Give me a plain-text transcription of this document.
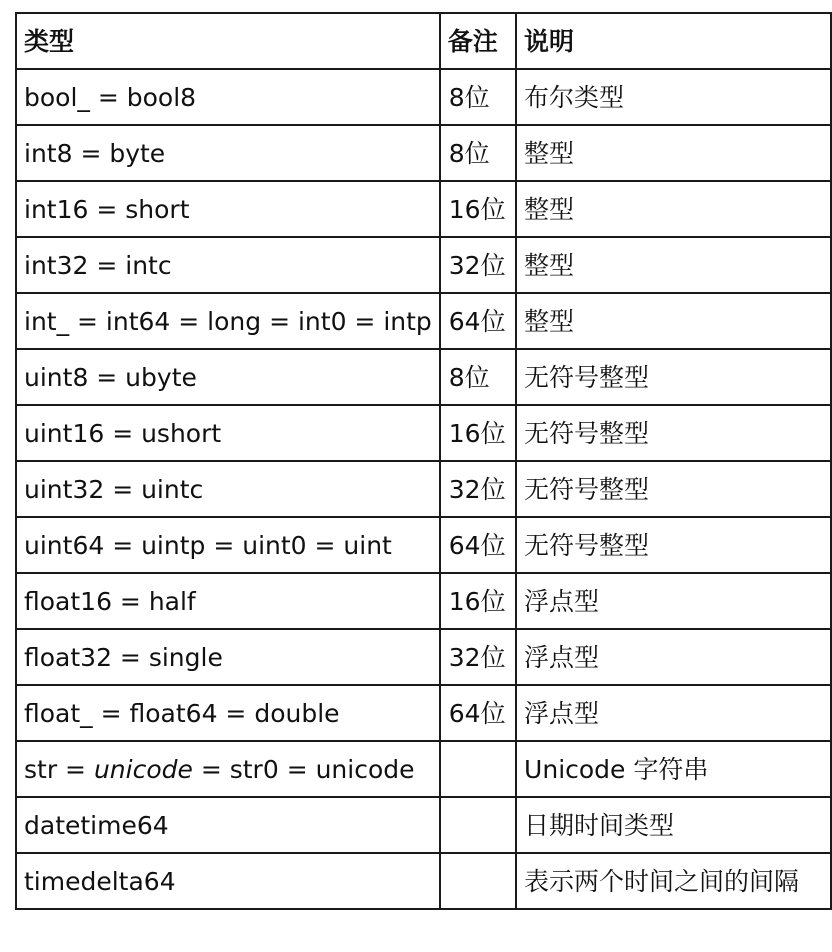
类型	备注	说明
bool_ = bool8	8位	布尔类型
int8 = byte	8位	整型
int16 = short	16位	整型
int32 = intc	32位	整型
int_ = int64 = long = int0 = intp	64位	整型
uint8 = ubyte	8位	无符号整型
uint16 = ushort	16位	无符号整型
uint32 = uintc	32位	无符号整型
uint64 = uintp = uint0 = uint	64位	无符号整型
float16 = half	16位	浮点型
float32 = single	32位	浮点型
float_ = float64 = double	64位	浮点型
str = unicode = str0 = unicode		Unicode 字符串
datetime64		日期时间类型
timedelta64		表示两个时间之间的间隔
